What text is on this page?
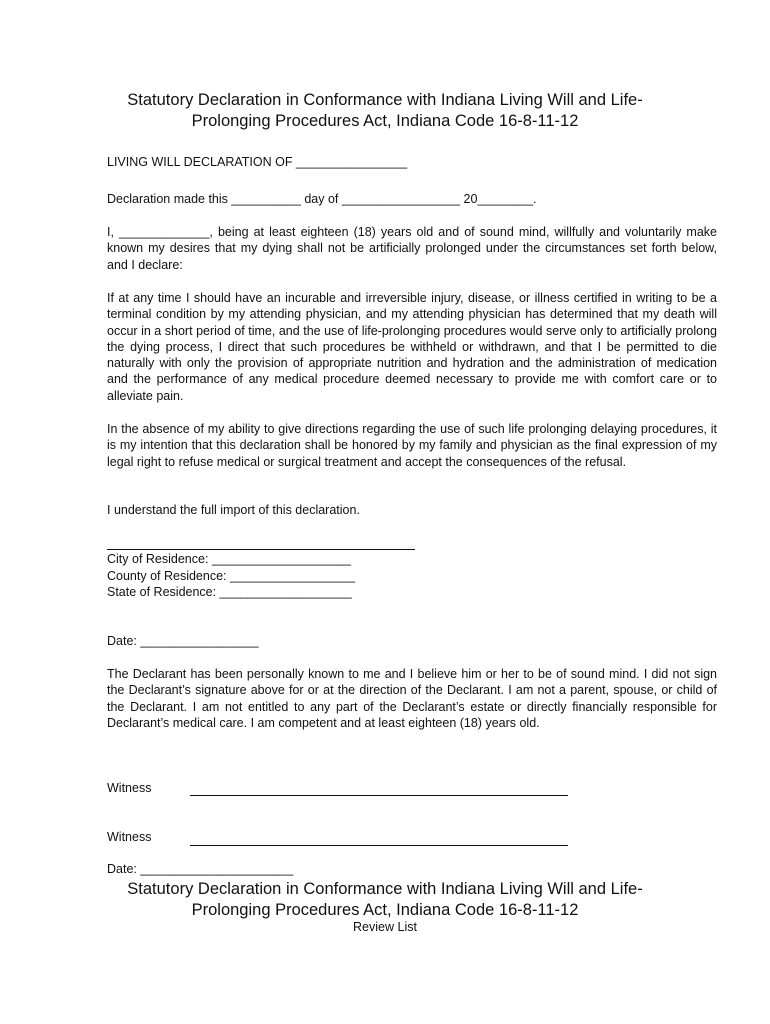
Statutory Declaration in Conformance with Indiana Living Will and Life-
Prolonging Procedures Act, Indiana Code 16-8-11-12
LIVING WILL DECLARATION OF ________________
Declaration made this __________ day of _________________ 20________.
I, _____________, being at least eighteen (18) years old and of sound mind, willfully and voluntarily make known my desires that my dying shall not be artificially prolonged under the circumstances set forth below, and I declare:
If at any time I should have an incurable and irreversible injury, disease, or illness certified in writing to be a terminal condition by my attending physician, and my attending physician has determined that my death will occur in a short period of time, and the use of life-prolonging procedures would serve only to artificially prolong the dying process, I direct that such procedures be withheld or withdrawn, and that I be permitted to die naturally with only the provision of appropriate nutrition and hydration and the administration of medication and the performance of any medical procedure deemed necessary to provide me with comfort care or to alleviate pain.
In the absence of my ability to give directions regarding the use of such life prolonging delaying procedures, it is my intention that this declaration shall be honored by my family and physician as the final expression of my legal right to refuse medical or surgical treatment and accept the consequences of the refusal.
I understand the full import of this declaration.
City of Residence: ____________________
County of Residence: __________________
State of Residence: ___________________
Date: _________________
The Declarant has been personally known to me and I believe him or her to be of sound mind. I did not sign the Declarant’s signature above for or at the direction of the Declarant. I am not a parent, spouse, or child of the Declarant. I am not entitled to any part of the Declarant’s estate or directly financially responsible for Declarant’s medical care. I am competent and at least eighteen (18) years old.
Witness
Witness
Date: ______________________
Statutory Declaration in Conformance with Indiana Living Will and Life-
Prolonging Procedures Act, Indiana Code 16-8-11-12
Review List
